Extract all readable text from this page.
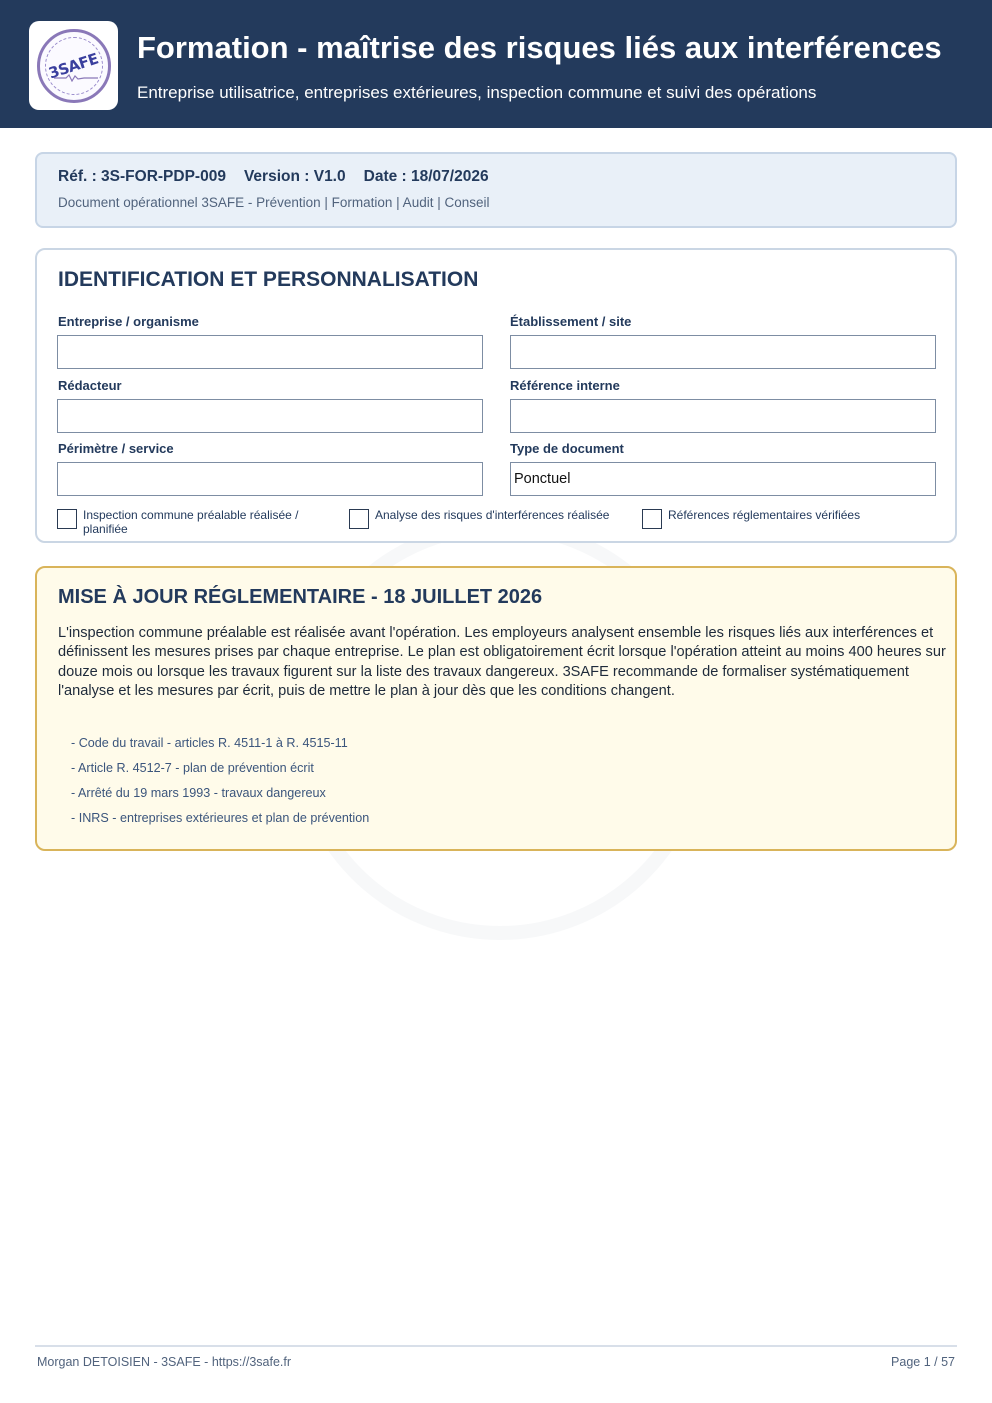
3SAFE
Formation - maîtrise des risques liés aux interférences
Entreprise utilisatrice, entreprises extérieures, inspection commune et suivi des opérations
Réf. : 3S-FOR-PDP-009 Version : V1.0 Date : 18/07/2026
Document opérationnel 3SAFE - Prévention | Formation | Audit | Conseil
IDENTIFICATION ET PERSONNALISATION
Entreprise / organisme	Établissement / site
Rédacteur	Référence interne
Périmètre / service	Type de document
Ponctuel
Inspection commune préalable réalisée / planifiée
Analyse des risques d'interférences réalisée	Références réglementaires vérifiées
MISE À JOUR RÉGLEMENTAIRE - 18 JUILLET 2026
L'inspection commune préalable est réalisée avant l'opération. Les employeurs analysent ensemble les risques liés aux interférences et définissent les mesures prises par chaque entreprise. Le plan est obligatoirement écrit lorsque l'opération atteint au moins 400 heures sur douze mois ou lorsque les travaux figurent sur la liste des travaux dangereux. 3SAFE recommande de formaliser systématiquement l'analyse et les mesures par écrit, puis de mettre le plan à jour dès que les conditions changent.
- Code du travail - articles R. 4511-1 à R. 4515-11
- Article R. 4512-7 - plan de prévention écrit
- Arrêté du 19 mars 1993 - travaux dangereux
- INRS - entreprises extérieures et plan de prévention
Morgan DETOISIEN - 3SAFE - https://3safe.fr	Page 1 / 57
